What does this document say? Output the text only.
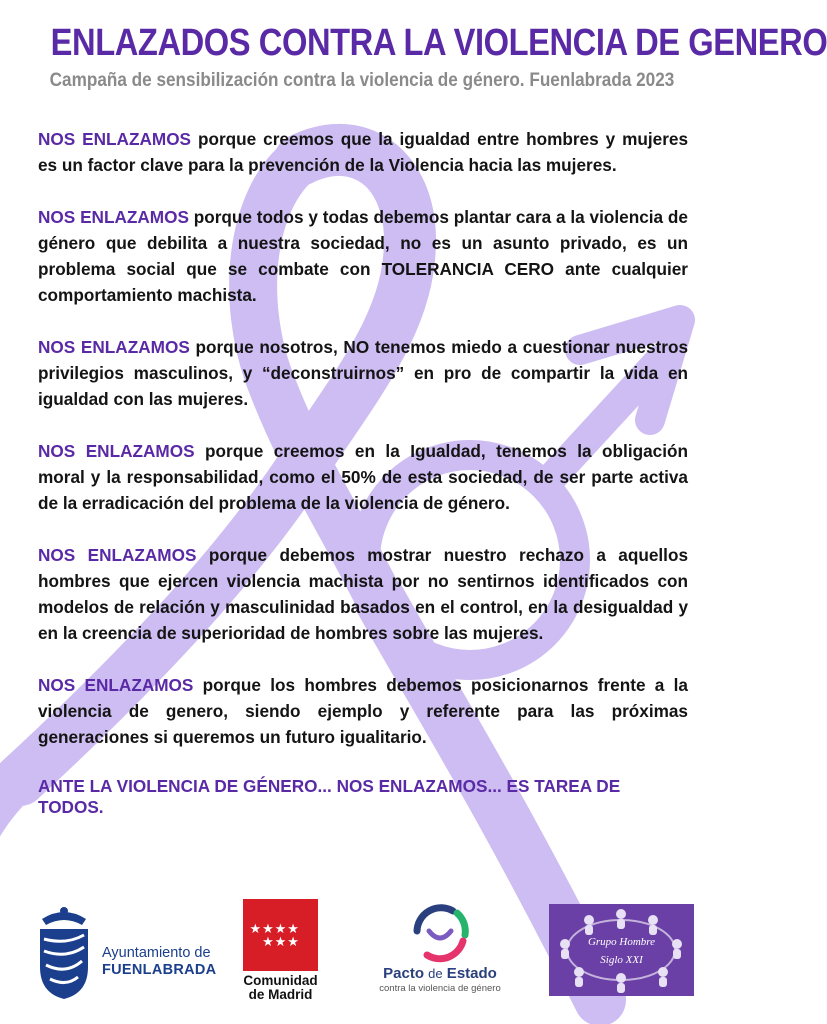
ENLAZADOS CONTRA LA VIOLENCIA DE GENERO
Campaña de sensibilización contra la violencia de género. Fuenlabrada 2023

NOS ENLAZAMOS porque creemos que la igualdad entre hombres y mujeres es un factor clave para la prevención de la Violencia hacia las mujeres.

NOS ENLAZAMOS porque todos y todas debemos plantar cara a la violencia de género que debilita a nuestra sociedad, no es un asunto privado, es un problema social que se combate con TOLERANCIA CERO ante cualquier comportamiento machista.

NOS ENLAZAMOS porque nosotros, NO tenemos miedo a cuestionar nuestros privilegios masculinos, y “deconstruirnos” en pro de compartir la vida en igualdad con las mujeres.

NOS ENLAZAMOS porque creemos en la Igualdad, tenemos la obligación moral y la responsabilidad, como el 50% de esta sociedad, de ser parte activa de la erradicación del problema de la violencia de género.

NOS ENLAZAMOS porque debemos mostrar nuestro rechazo a aquellos hombres que ejercen violencia machista por no sentirnos identificados con modelos de relación y masculinidad basados en el control, en la desigualdad y en la creencia de superioridad de hombres sobre las mujeres.

NOS ENLAZAMOS porque los hombres debemos posicionarnos frente a la violencia de genero, siendo ejemplo y referente para las próximas generaciones si queremos un futuro igualitario.

ANTE LA VIOLENCIA DE GÉNERO... NOS ENLAZAMOS... ES TAREA DE TODOS.

Ayuntamiento de
FUENLABRADA
★ ★ ★ ★
★ ★ ★
Comunidad
de Madrid
Pacto de Estado
contra la violencia de género
Grupo Hombre
Siglo XXI
